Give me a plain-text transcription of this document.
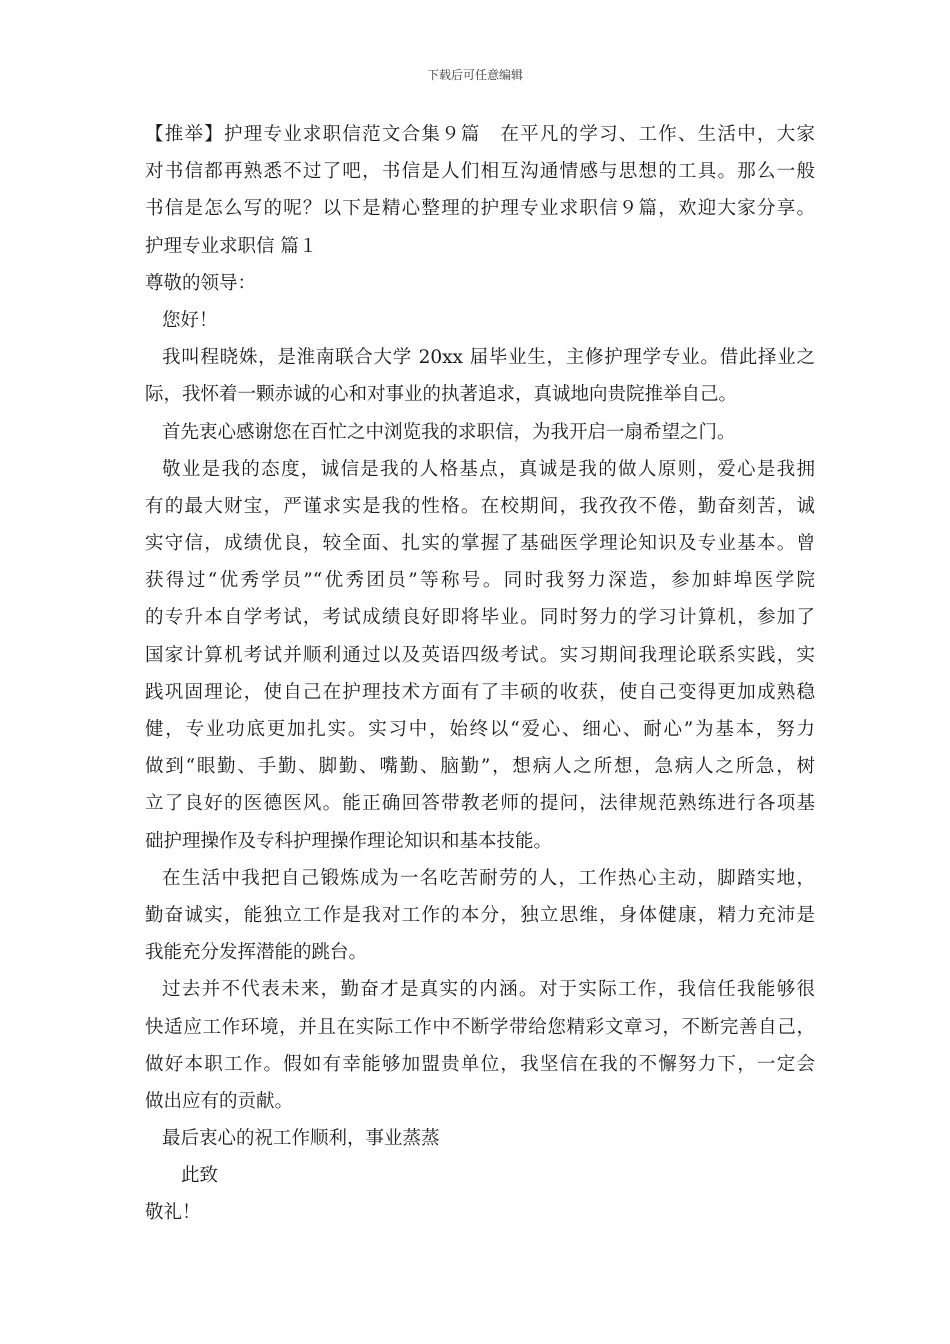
下载后可任意编辑
【推举】护理专业求职信范文合集９篇　在平凡的学习、工作、生活中，大家
对书信都再熟悉不过了吧，书信是人们相互沟通情感与思想的工具。那么一般
书信是怎么写的呢？以下是精心整理的护理专业求职信９篇，欢迎大家分享。
护理专业求职信 篇１
尊敬的领导：
您好！
我叫程晓姝，是淮南联合大学 20xx 届毕业生，主修护理学专业。借此择业之
际，我怀着一颗赤诚的心和对事业的执著追求，真诚地向贵院推举自己。
首先衷心感谢您在百忙之中浏览我的求职信，为我开启一扇希望之门。
敬业是我的态度，诚信是我的人格基点，真诚是我的做人原则，爱心是我拥
有的最大财宝，严谨求实是我的性格。在校期间，我孜孜不倦，勤奋刻苦，诚
实守信，成绩优良，较全面、扎实的掌握了基础医学理论知识及专业基本。曾
获得过“优秀学员”“优秀团员”等称号。同时我努力深造，参加蚌埠医学院
的专升本自学考试，考试成绩良好即将毕业。同时努力的学习计算机，参加了
国家计算机考试并顺利通过以及英语四级考试。实习期间我理论联系实践，实
践巩固理论，使自己在护理技术方面有了丰硕的收获，使自己变得更加成熟稳
健，专业功底更加扎实。实习中，始终以“爱心、细心、耐心”为基本，努力
做到“眼勤、手勤、脚勤、嘴勤、脑勤”，想病人之所想，急病人之所急，树
立了良好的医德医风。能正确回答带教老师的提问，法律规范熟练进行各项基
础护理操作及专科护理操作理论知识和基本技能。
在生活中我把自己锻炼成为一名吃苦耐劳的人，工作热心主动，脚踏实地，
勤奋诚实，能独立工作是我对工作的本分，独立思维，身体健康，精力充沛是
我能充分发挥潜能的跳台。
过去并不代表未来，勤奋才是真实的内涵。对于实际工作，我信任我能够很
快适应工作环境，并且在实际工作中不断学带给您精彩文章习，不断完善自己，
做好本职工作。假如有幸能够加盟贵单位，我坚信在我的不懈努力下，一定会
做出应有的贡献。
最后衷心的祝工作顺利，事业蒸蒸
此致
敬礼！
